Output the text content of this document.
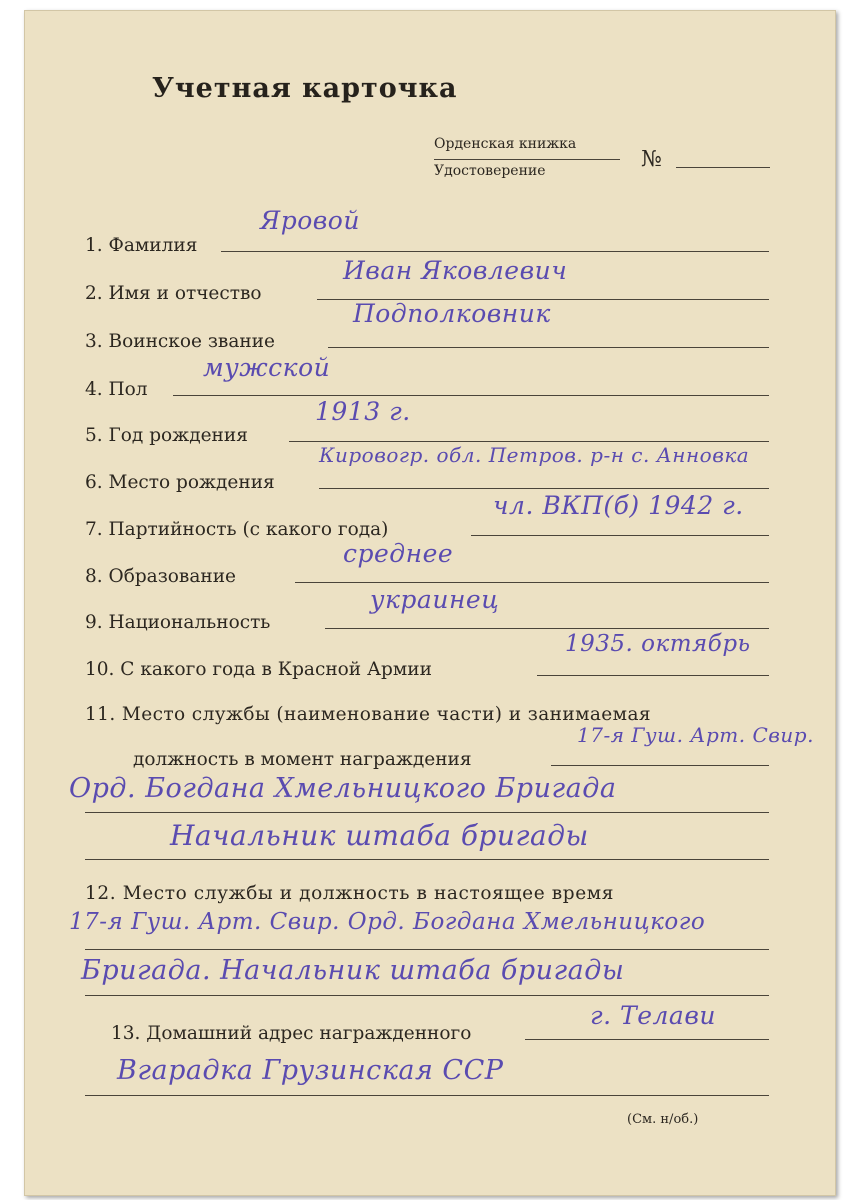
Учетная карточка
Орденская книжка
Удостоверение	№
1. Фамилия
Яровой
2. Имя и отчество
Иван Яковлевич
3. Воинское звание
Подполковник
4. Пол
мужской
5. Год рождения
1913 г.
6. Место рождения
Кировогр. обл. Петров. р-н с. Анновка
7. Партийность (с какого года)
чл. ВКП(б) 1942 г.
8. Образование
среднее
9. Национальность
украинец
10. С какого года в Красной Армии
1935. октябрь
11. Место службы (наименование части) и занимаемая
должность в момент награждения
17-я Гуш. Арт. Свир.
Орд. Богдана Хмельницкого Бригада
Начальник штаба бригады
12. Место службы и должность в настоящее время
17-я Гуш. Арт. Свир. Орд. Богдана Хмельницкого
Бригада. Начальник штаба бригады
13. Домашний адрес награжденного
г. Телави
Вгарадка Грузинская ССР
(См. н/об.)
